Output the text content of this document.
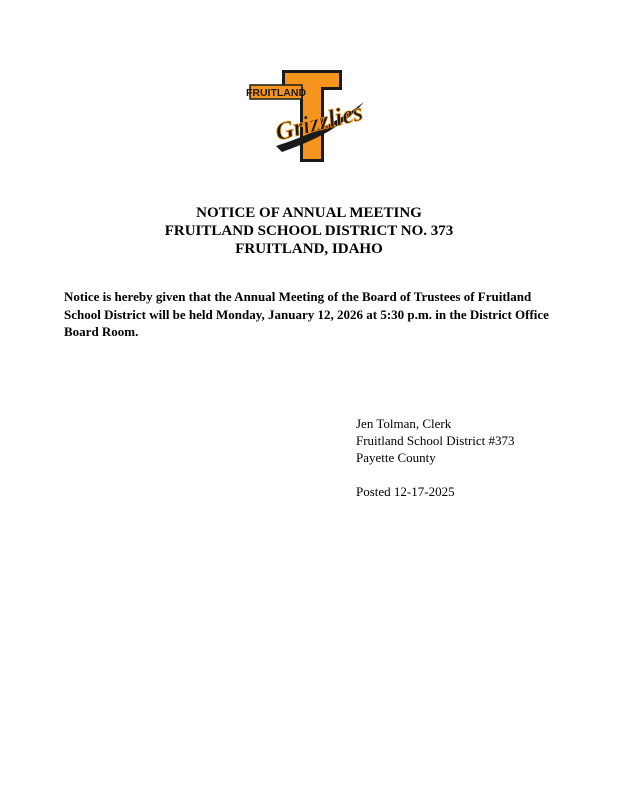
FRUITLAND
Grizzlies
NOTICE OF ANNUAL MEETING
FRUITLAND SCHOOL DISTRICT NO. 373
FRUITLAND, IDAHO
Notice is hereby given that the Annual Meeting of the Board of Trustees of Fruitland School District will be held Monday, January 12, 2026 at 5:30 p.m. in the District Office Board Room.
Jen Tolman, Clerk
Fruitland School District #373
Payette County
Posted 12-17-2025
